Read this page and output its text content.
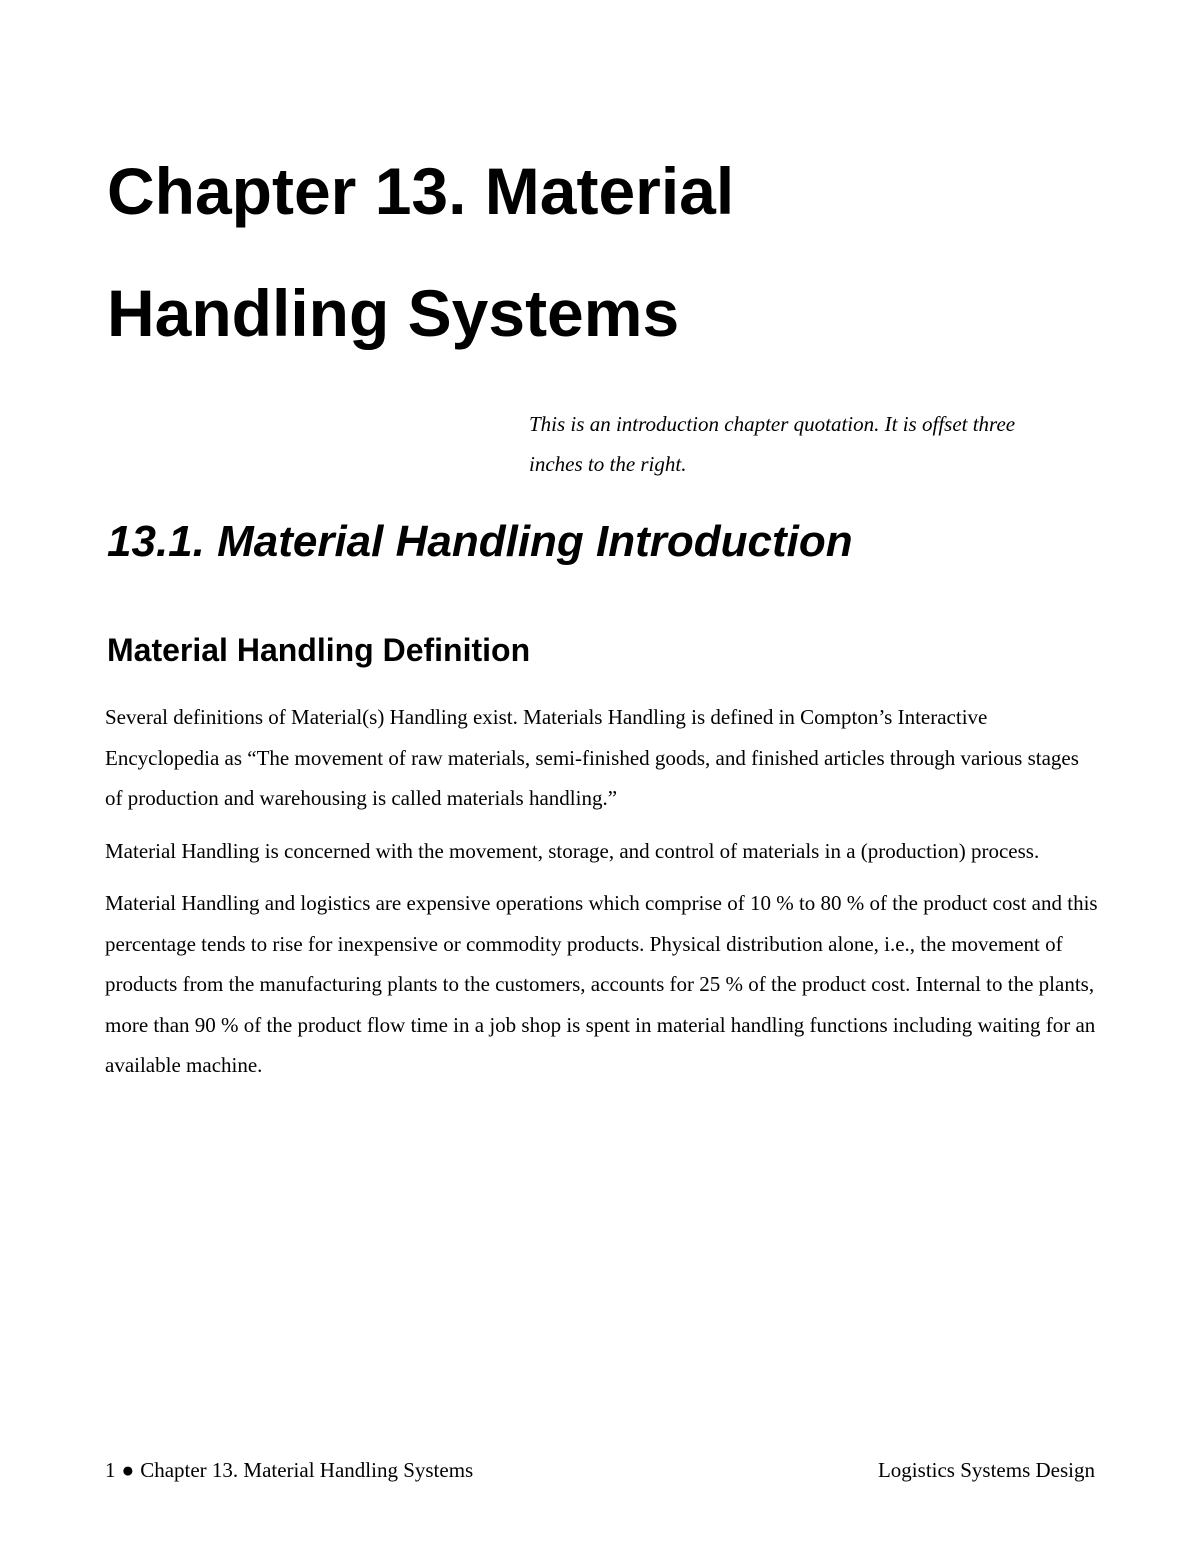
Chapter 13. Material
Handling Systems
This is an introduction chapter quotation. It is offset three
inches to the right.
13.1. Material Handling Introduction
Material Handling Definition

Several definitions of Material(s) Handling exist. Materials Handling is defined in Compton’s Interactive Encyclopedia as “The movement of raw materials, semi-finished goods, and finished articles through various stages of production and warehousing is called materials handling.”

Material Handling is concerned with the movement, storage, and control of materials in a (production) process.

Material Handling and logistics are expensive operations which comprise of 10 % to 80 % of the product cost and this percentage tends to rise for inexpensive or commodity products. Physical distribution alone, i.e., the movement of products from the manufacturing plants to the customers, accounts for 25 % of the product cost. Internal to the plants, more than 90 % of the product flow time in a job shop is spent in material handling functions including waiting for an available machine.

1 ● Chapter 13. Material Handling Systems	Logistics Systems Design
